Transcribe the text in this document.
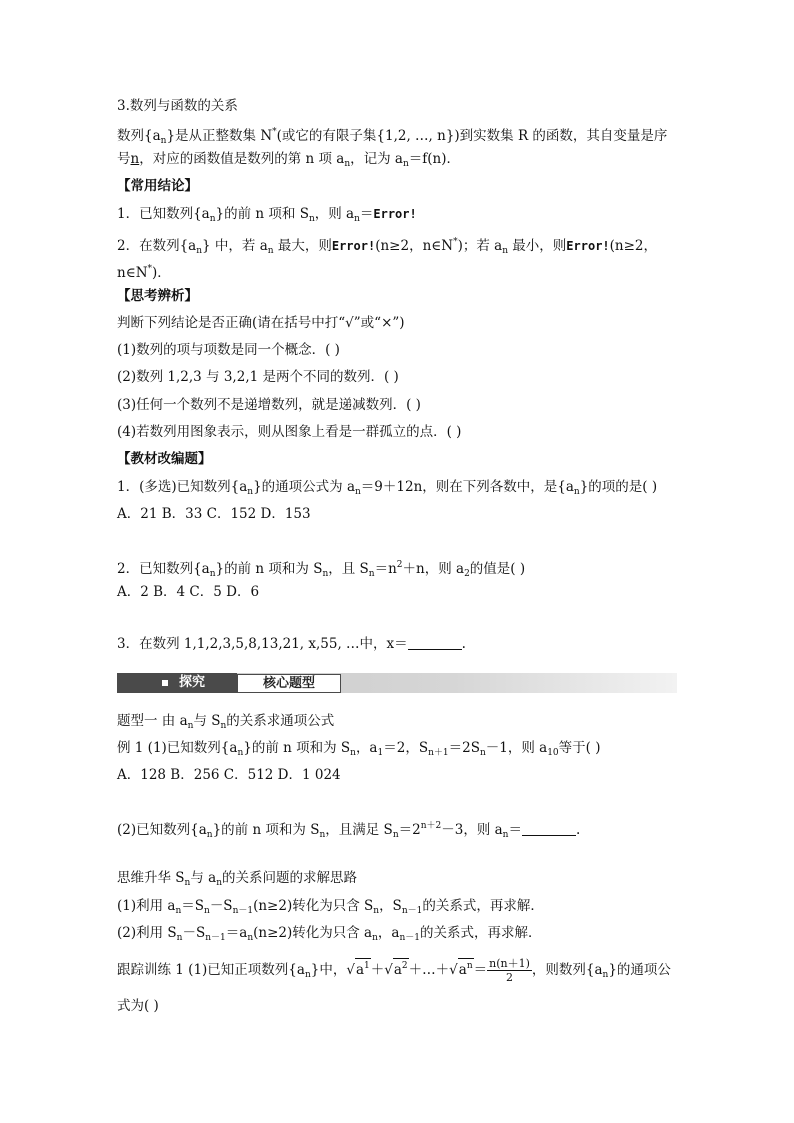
3.数列与函数的关系
数列$\{a_n\}$是从正整数集 N*(或它的有限子集{1,2, …, n})到实数集 R 的函数，其自变量是序
号n，对应的函数值是数列的第 n 项 $a_n$，记为 $a_n=f(n)$．
【常用结论】
1．已知数列$\{a_n\}$的前 n 项和 $S_n$，则 $a_n=Error$!
2．在数列$\{a_n\}$ 中，若 $a_n$ 最大，则Error!(n≥2，n∈N*)；若 $a_n$ 最小，则Error!(n≥2，
n∈N*)．
【思考辨析】
判断下列结论是否正确(请在括号中打“√”或“×”)
(1)数列的项与项数是同一个概念．( )
(2)数列 1,2,3 与 3,2,1 是两个不同的数列．( )
(3)任何一个数列不是递增数列，就是递减数列．( )
(4)若数列用图象表示，则从图象上看是一群孤立的点．( )
【教材改编题】
1．(多选)已知数列$\{a_n\}$的通项公式为 $a_n=9+12n$，则在下列各数中，是$\{a_n\}$的项的是( )
A．21 B．33 C．152 D．153
2．已知数列$\{a_n\}$的前 n 项和为 $S_n$，且 $S_n=n^2+n$，则 $a_2$的值是( )
A．2 B．4 C．5 D．6
3．在数列 1,1,2,3,5,8,13,21, x,55, …中，x＝	.
探究	核心题型
题型一 由 $a_n$与 $S_n$的关系求通项公式
例 1 (1)已知数列$\{a_n\}$的前 n 项和为 $S_n$，$a_1=2$，$S_{n+1}=2S_n-1$，则 $a_{10}$等于( )
A．128 B．256 C．512 D．1 024
(2)已知数列$\{a_n\}$的前 n 项和为 $S_n$，且满足 $S_n=2^{n+2}-3$，则 $a_n=$	.
思维升华 $S_n$与 $a_n$的关系问题的求解思路
(1)利用 $a_n=S_n-S_{n-1}(n\ge 2)$转化为只含 $S_n$，$S_{n-1}$的关系式，再求解．
(2)利用 $S_n-S_{n-1}=a_n(n\ge 2)$转化为只含 $a_n$，$a_{n-1}$的关系式，再求解．
跟踪训练 1 (1)已知正项数列$\{a_n\}$中，$√a^1+√a^2+\dots+√a^n= \frac{n(n+1)}{2}$ ，则数列$\{a_n\}$的通项公
式为( )
